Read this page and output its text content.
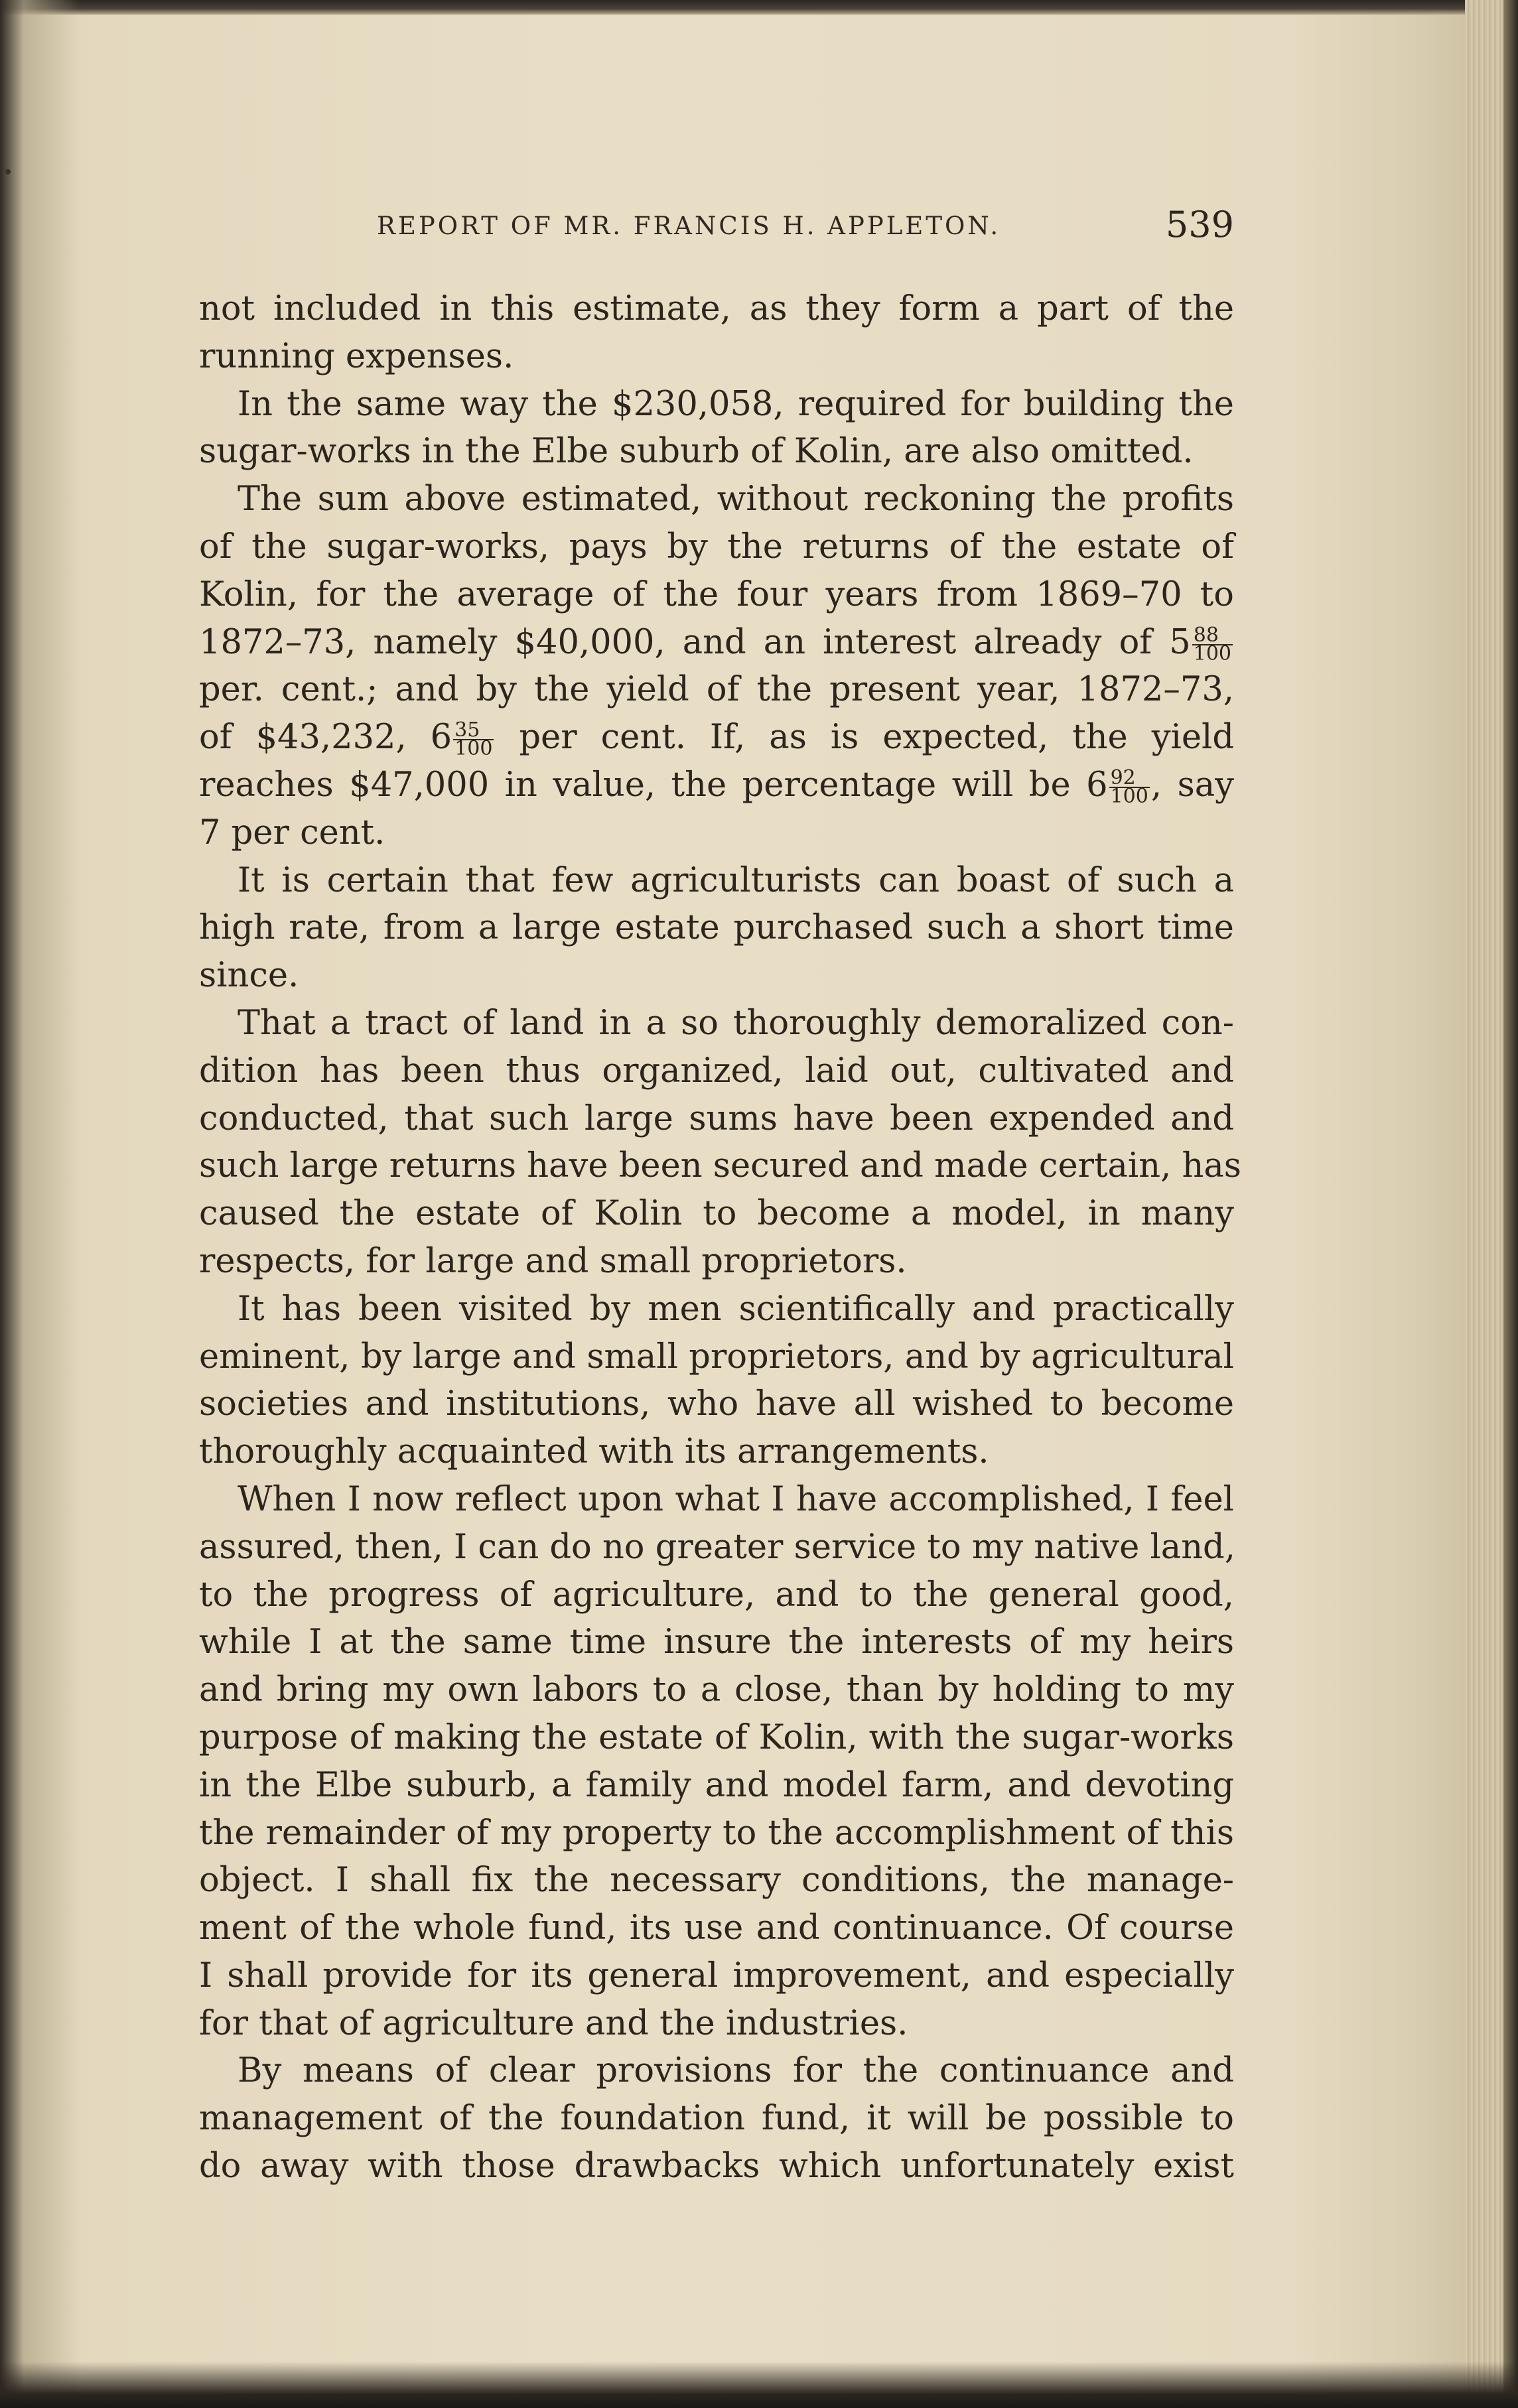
REPORT OF MR. FRANCIS H. APPLETON.	539

not included in this estimate, as they form a part of the
running expenses.

In the same way the $230,058, required for building the
sugar-works in the Elbe suburb of Kolin, are also omitted.

The sum above estimated, without reckoning the profits
of the sugar-works, pays by the returns of the estate of
Kolin, for the average of the four years from 1869–70 to
1872–73, namely $40,000, and an interest already of $5 \frac{88}{100}$
per. cent.; and by the yield of the present year, 1872–73,
of $43,232, $6 \frac{35}{100}$ per cent. If, as is expected, the yield
reaches $47,000 in value, the percentage will be $6 \frac{92}{100}$ , say
7 per cent.

It is certain that few agriculturists can boast of such a
high rate, from a large estate purchased such a short time
since.

That a tract of land in a so thoroughly demoralized con-
dition has been thus organized, laid out, cultivated and
conducted, that such large sums have been expended and
such large returns have been secured and made certain, has
caused the estate of Kolin to become a model, in many
respects, for large and small proprietors.

It has been visited by men scientifically and practically
eminent, by large and small proprietors, and by agricultural
societies and institutions, who have all wished to become
thoroughly acquainted with its arrangements.

When I now reflect upon what I have accomplished, I feel
assured, then, I can do no greater service to my native land,
to the progress of agriculture, and to the general good,
while I at the same time insure the interests of my heirs
and bring my own labors to a close, than by holding to my
purpose of making the estate of Kolin, with the sugar-works
in the Elbe suburb, a family and model farm, and devoting
the remainder of my property to the accomplishment of this
object. I shall fix the necessary conditions, the manage-
ment of the whole fund, its use and continuance. Of course
I shall provide for its general improvement, and especially
for that of agriculture and the industries.

By means of clear provisions for the continuance and
management of the foundation fund, it will be possible to
do away with those drawbacks which unfortunately exist
